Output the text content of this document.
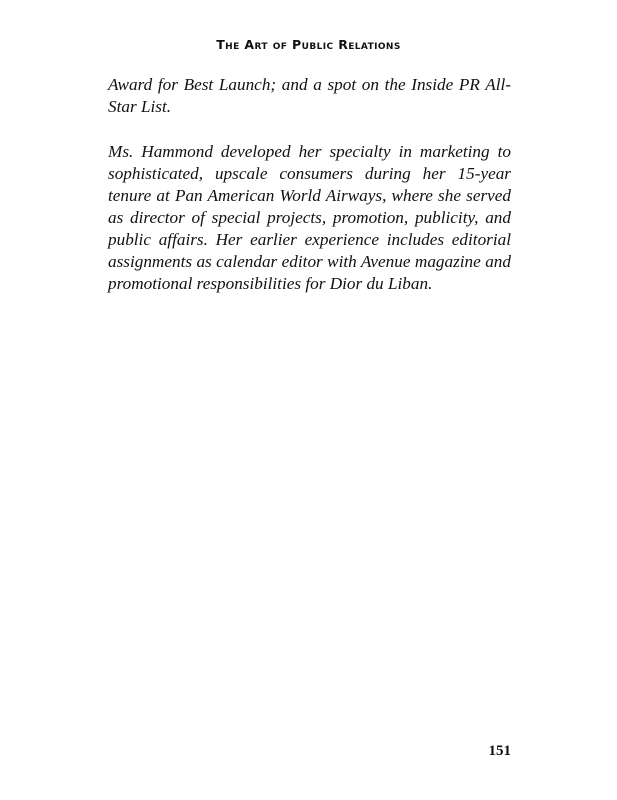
The Art of Public Relations

Award for Best Launch; and a spot on the Inside PR All-Star List.

Ms. Hammond developed her specialty in marketing to sophisticated, upscale consumers during her 15-year tenure at Pan American World Airways, where she served as director of special projects, promotion, publicity, and public affairs. Her earlier experience includes editorial assignments as calendar editor with Avenue magazine and promotional responsibilities for Dior du Liban.

151
